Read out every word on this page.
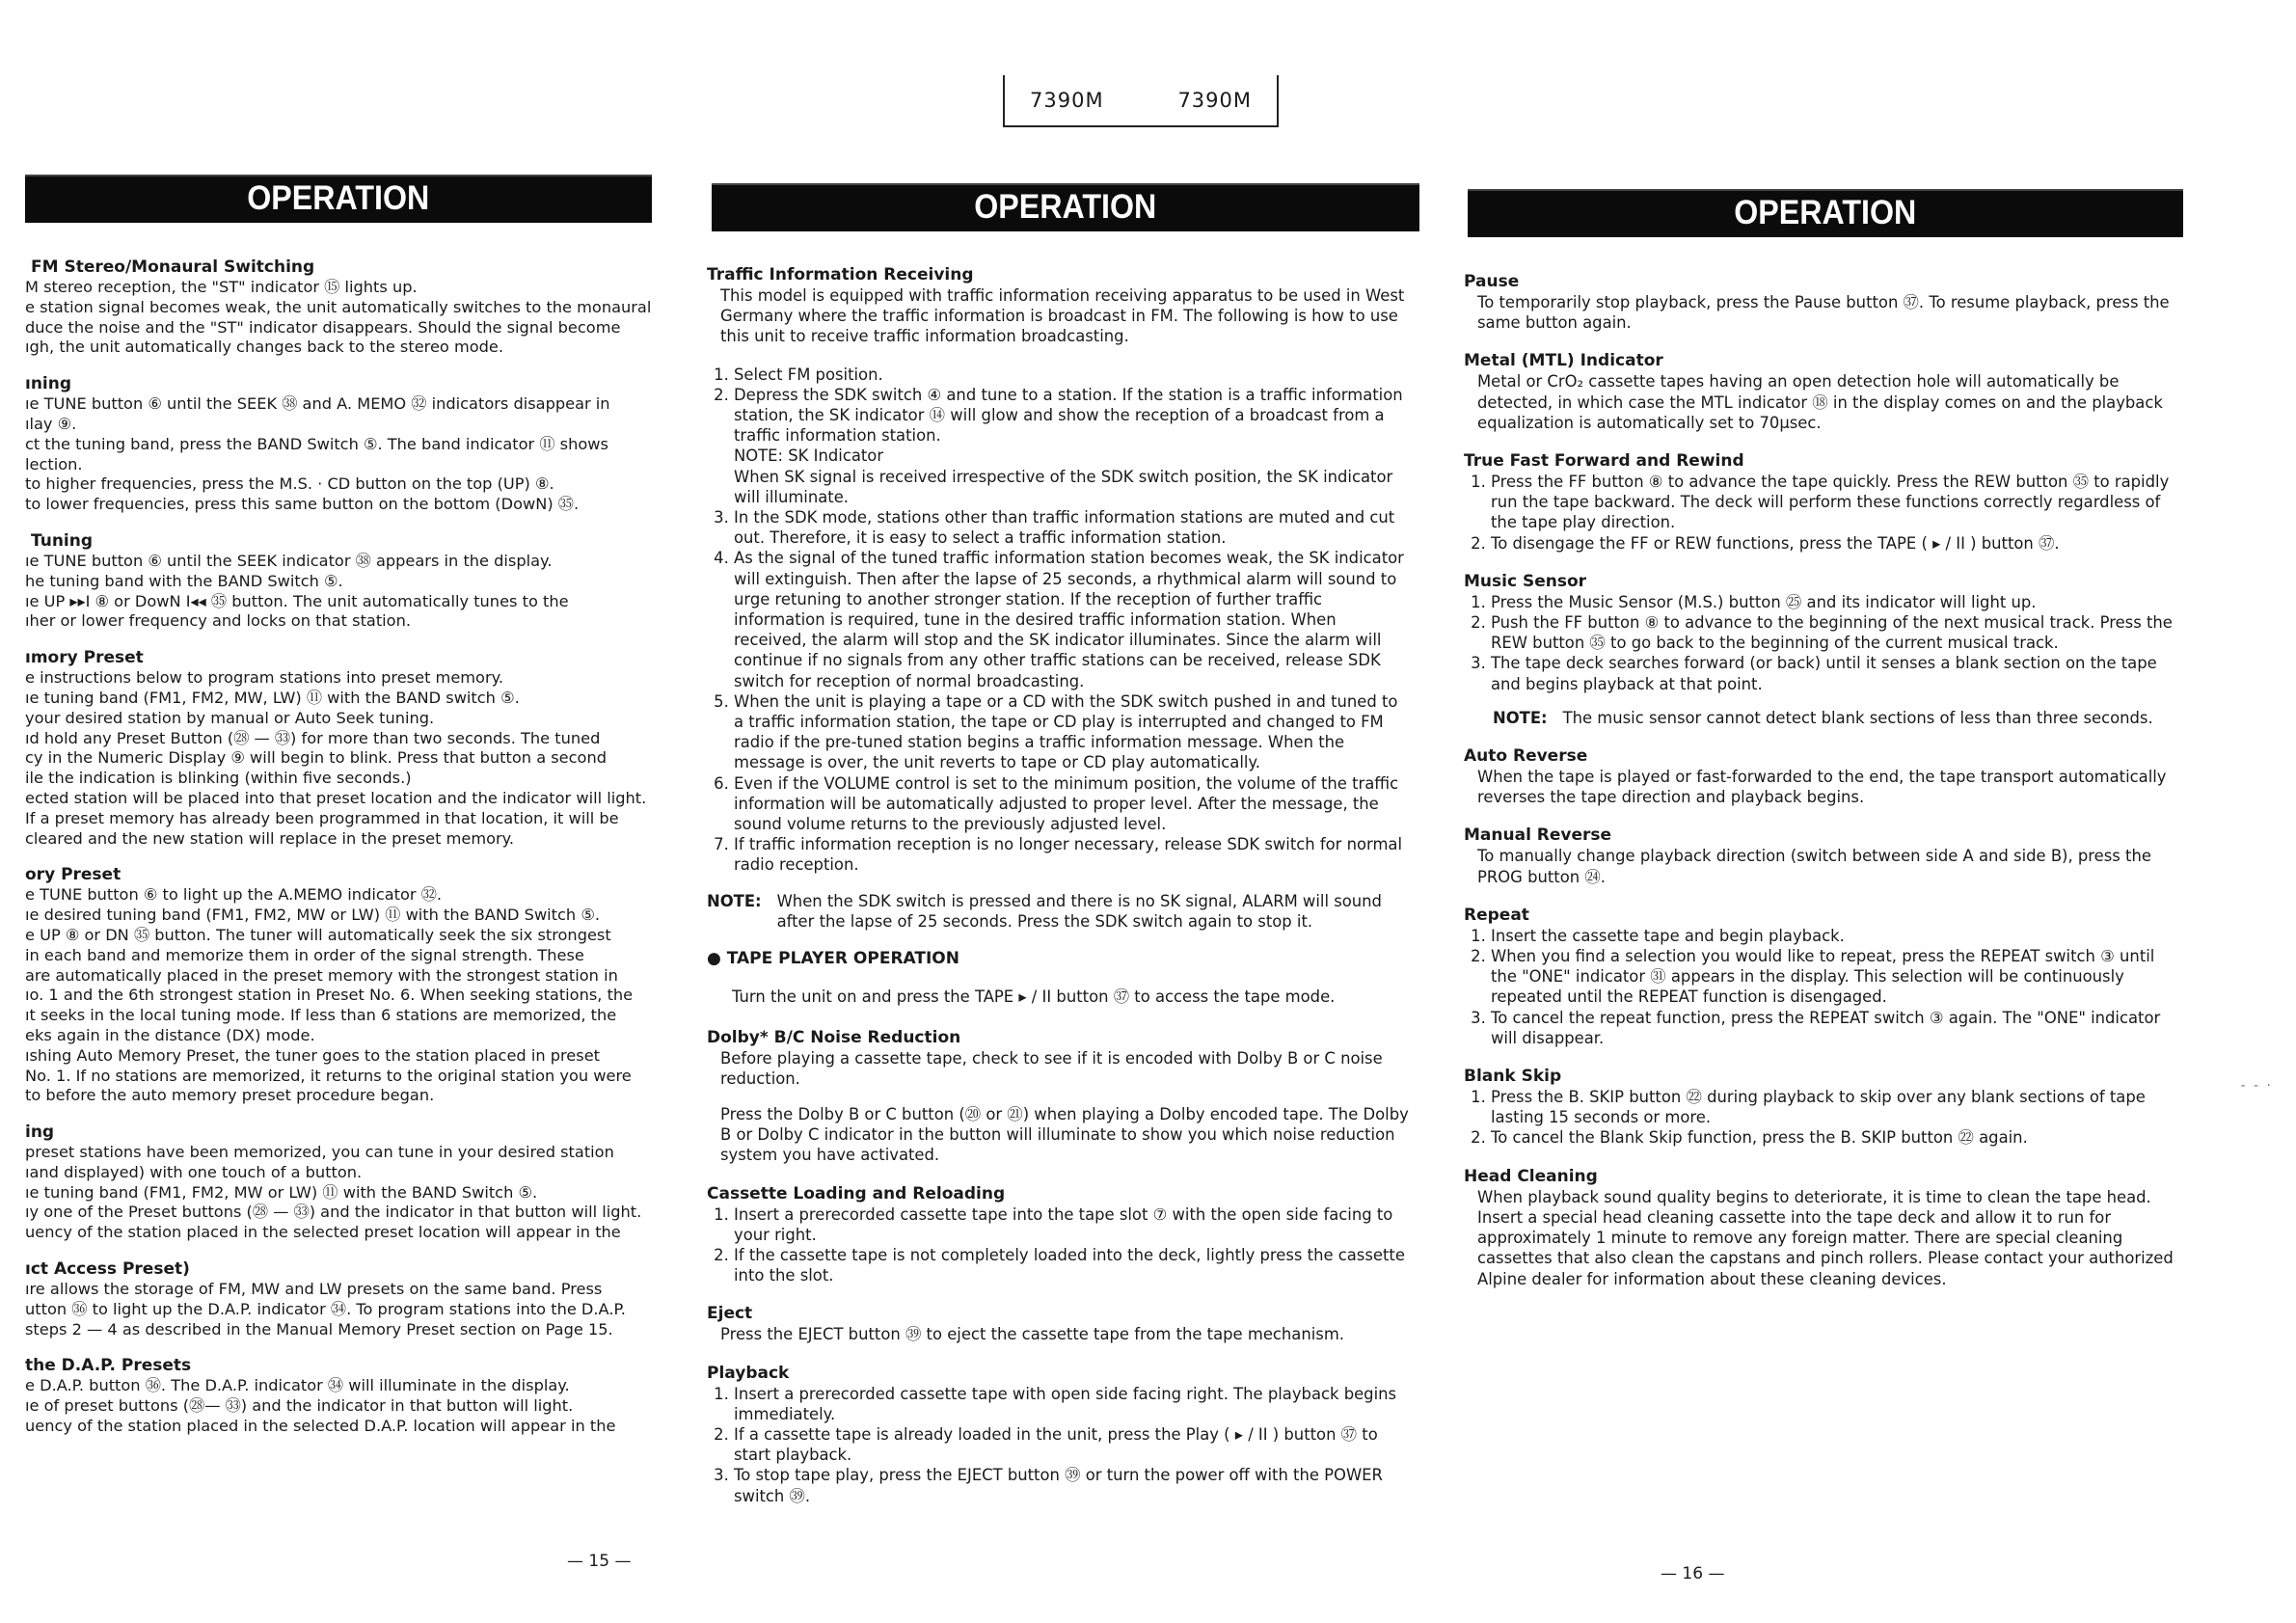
7390M	7390M
OPERATION	OPERATION	OPERATION
FM Stereo/Monaural Switching
M stereo reception, the "ST" indicator ⑮ lights up.
e station signal becomes weak, the unit automatically switches to the monaural
duce the noise and the "ST" indicator disappears. Should the signal become
ıgh, the unit automatically changes back to the stereo mode.
ıning
ıe TUNE button ⑥ until the SEEK ㊳ and A. MEMO ㉜ indicators disappear in
ılay ⑨.
ct the tuning band, press the BAND Switch ⑤. The band indicator ⑪ shows
lection.
to higher frequencies, press the M.S. · CD button on the top (UP) ⑧.
to lower frequencies, press this same button on the bottom (DowN) ㉟.
Tuning
ıe TUNE button ⑥ until the SEEK indicator ㊳ appears in the display.
he tuning band with the BAND Switch ⑤.
ıe UP ▸▸I ⑧ or DowN I◂◂ ㉟ button. The unit automatically tunes to the
ıher or lower frequency and locks on that station.
ımory Preset
e instructions below to program stations into preset memory.
ıe tuning band (FM1, FM2, MW, LW) ⑪ with the BAND switch ⑤.
your desired station by manual or Auto Seek tuning.
ıd hold any Preset Button (㉘ — ㉝) for more than two seconds. The tuned
cy in the Numeric Display ⑨ will begin to blink. Press that button a second
ile the indication is blinking (within five seconds.)
ected station will be placed into that preset location and the indicator will light.
If a preset memory has already been programmed in that location, it will be
cleared and the new station will replace in the preset memory.
ory Preset
e TUNE button ⑥ to light up the A.MEMO indicator ㉜.
ıe desired tuning band (FM1, FM2, MW or LW) ⑪ with the BAND Switch ⑤.
e UP ⑧ or DN ㉟ button. The tuner will automatically seek the six strongest
in each band and memorize them in order of the signal strength. These
are automatically placed in the preset memory with the strongest station in
ıo. 1 and the 6th strongest station in Preset No. 6. When seeking stations, the
ıt seeks in the local tuning mode. If less than 6 stations are memorized, the
eks again in the distance (DX) mode.
ıshing Auto Memory Preset, the tuner goes to the station placed in preset
No. 1. If no stations are memorized, it returns to the original station you were
to before the auto memory preset procedure began.
ing
preset stations have been memorized, you can tune in your desired station
ıand displayed) with one touch of a button.
ıe tuning band (FM1, FM2, MW or LW) ⑪ with the BAND Switch ⑤.
ıy one of the Preset buttons (㉘ — ㉝) and the indicator in that button will light.
uency of the station placed in the selected preset location will appear in the
ıct Access Preset)
ıre allows the storage of FM, MW and LW presets on the same band. Press
utton ㊱ to light up the D.A.P. indicator ㉞. To program stations into the D.A.P.
steps 2 — 4 as described in the Manual Memory Preset section on Page 15.
the D.A.P. Presets
e D.A.P. button ㊱. The D.A.P. indicator ㉞ will illuminate in the display.
ıe of preset buttons (㉘— ㉝) and the indicator in that button will light.
uency of the station placed in the selected D.A.P. location will appear in the
— 15 —
Traffic Information Receiving

This model is equipped with traffic information receiving apparatus to be used in West Germany where the traffic information is broadcast in FM. The following is how to use this unit to receive traffic information broadcasting.

1. Select FM position.
2. Depress the SDK switch ④ and tune to a station. If the station is a traffic information station, the SK indicator ⑭ will glow and show the reception of a broadcast from a traffic information station.
NOTE: SK Indicator
When SK signal is received irrespective of the SDK switch position, the SK indicator will illuminate.
3. In the SDK mode, stations other than traffic information stations are muted and cut out. Therefore, it is easy to select a traffic information station.
4. As the signal of the tuned traffic information station becomes weak, the SK indicator will extinguish. Then after the lapse of 25 seconds, a rhythmical alarm will sound to urge retuning to another stronger station. If the reception of further traffic information is required, tune in the desired traffic information station. When received, the alarm will stop and the SK indicator illuminates. Since the alarm will continue if no signals from any other traffic stations can be received, release SDK switch for reception of normal broadcasting.
5. When the unit is playing a tape or a CD with the SDK switch pushed in and tuned to a traffic information station, the tape or CD play is interrupted and changed to FM radio if the pre-tuned station begins a traffic information message. When the message is over, the unit reverts to tape or CD play automatically.
6. Even if the VOLUME control is set to the minimum position, the volume of the traffic information will be automatically adjusted to proper level. After the message, the sound volume returns to the previously adjusted level.
7. If traffic information reception is no longer necessary, release SDK switch for normal radio reception.
NOTE: When the SDK switch is pressed and there is no SK signal, ALARM will sound after the lapse of 25 seconds. Press the SDK switch again to stop it.
● TAPE PLAYER OPERATION

Turn the unit on and press the TAPE ▸ / II button ㊲ to access the tape mode.

Dolby* B/C Noise Reduction

Before playing a cassette tape, check to see if it is encoded with Dolby B or C noise reduction.

Press the Dolby B or C button (⑳ or ㉑) when playing a Dolby encoded tape. The Dolby B or Dolby C indicator in the button will illuminate to show you which noise reduction system you have activated.

Cassette Loading and Reloading
1. Insert a prerecorded cassette tape into the tape slot ⑦ with the open side facing to your right.
2. If the cassette tape is not completely loaded into the deck, lightly press the cassette into the slot.
Eject

Press the EJECT button ㊴ to eject the cassette tape from the tape mechanism.

Playback
1. Insert a prerecorded cassette tape with open side facing right. The playback begins immediately.
2. If a cassette tape is already loaded in the unit, press the Play ( ▸ / II ) button ㊲ to start playback.
3. To stop tape play, press the EJECT button ㊴ or turn the power off with the POWER switch ㊴.
Pause

To temporarily stop playback, press the Pause button ㊲. To resume playback, press the same button again.

Metal (MTL) Indicator

Metal or CrO₂ cassette tapes having an open detection hole will automatically be detected, in which case the MTL indicator ⑱ in the display comes on and the playback equalization is automatically set to 70µsec.

True Fast Forward and Rewind
1. Press the FF button ⑧ to advance the tape quickly. Press the REW button ㉟ to rapidly run the tape backward. The deck will perform these functions correctly regardless of the tape play direction.
2. To disengage the FF or REW functions, press the TAPE ( ▸ / II ) button ㊲.
Music Sensor
1. Press the Music Sensor (M.S.) button ㉕ and its indicator will light up.
2. Push the FF button ⑧ to advance to the beginning of the next musical track. Press the REW button ㉟ to go back to the beginning of the current musical track.
3. The tape deck searches forward (or back) until it senses a blank section on the tape and begins playback at that point.
NOTE: The music sensor cannot detect blank sections of less than three seconds.
Auto Reverse

When the tape is played or fast-forwarded to the end, the tape transport automatically reverses the tape direction and playback begins.

Manual Reverse

To manually change playback direction (switch between side A and side B), press the PROG button ㉔.

Repeat
1. Insert the cassette tape and begin playback.
2. When you find a selection you would like to repeat, press the REPEAT switch ③ until the "ONE" indicator ㉛ appears in the display. This selection will be continuously repeated until the REPEAT function is disengaged.
3. To cancel the repeat function, press the REPEAT switch ③ again. The "ONE" indicator will disappear.
Blank Skip
1. Press the B. SKIP button ㉒ during playback to skip over any blank sections of tape lasting 15 seconds or more.
2. To cancel the Blank Skip function, press the B. SKIP button ㉒ again.
Head Cleaning

When playback sound quality begins to deteriorate, it is time to clean the tape head. Insert a special head cleaning cassette into the tape deck and allow it to run for approximately 1 minute to remove any foreign matter. There are special cleaning cassettes that also clean the capstans and pinch rollers. Please contact your authorized Alpine dealer for information about these cleaning devices.

— 16 —
- - ·
